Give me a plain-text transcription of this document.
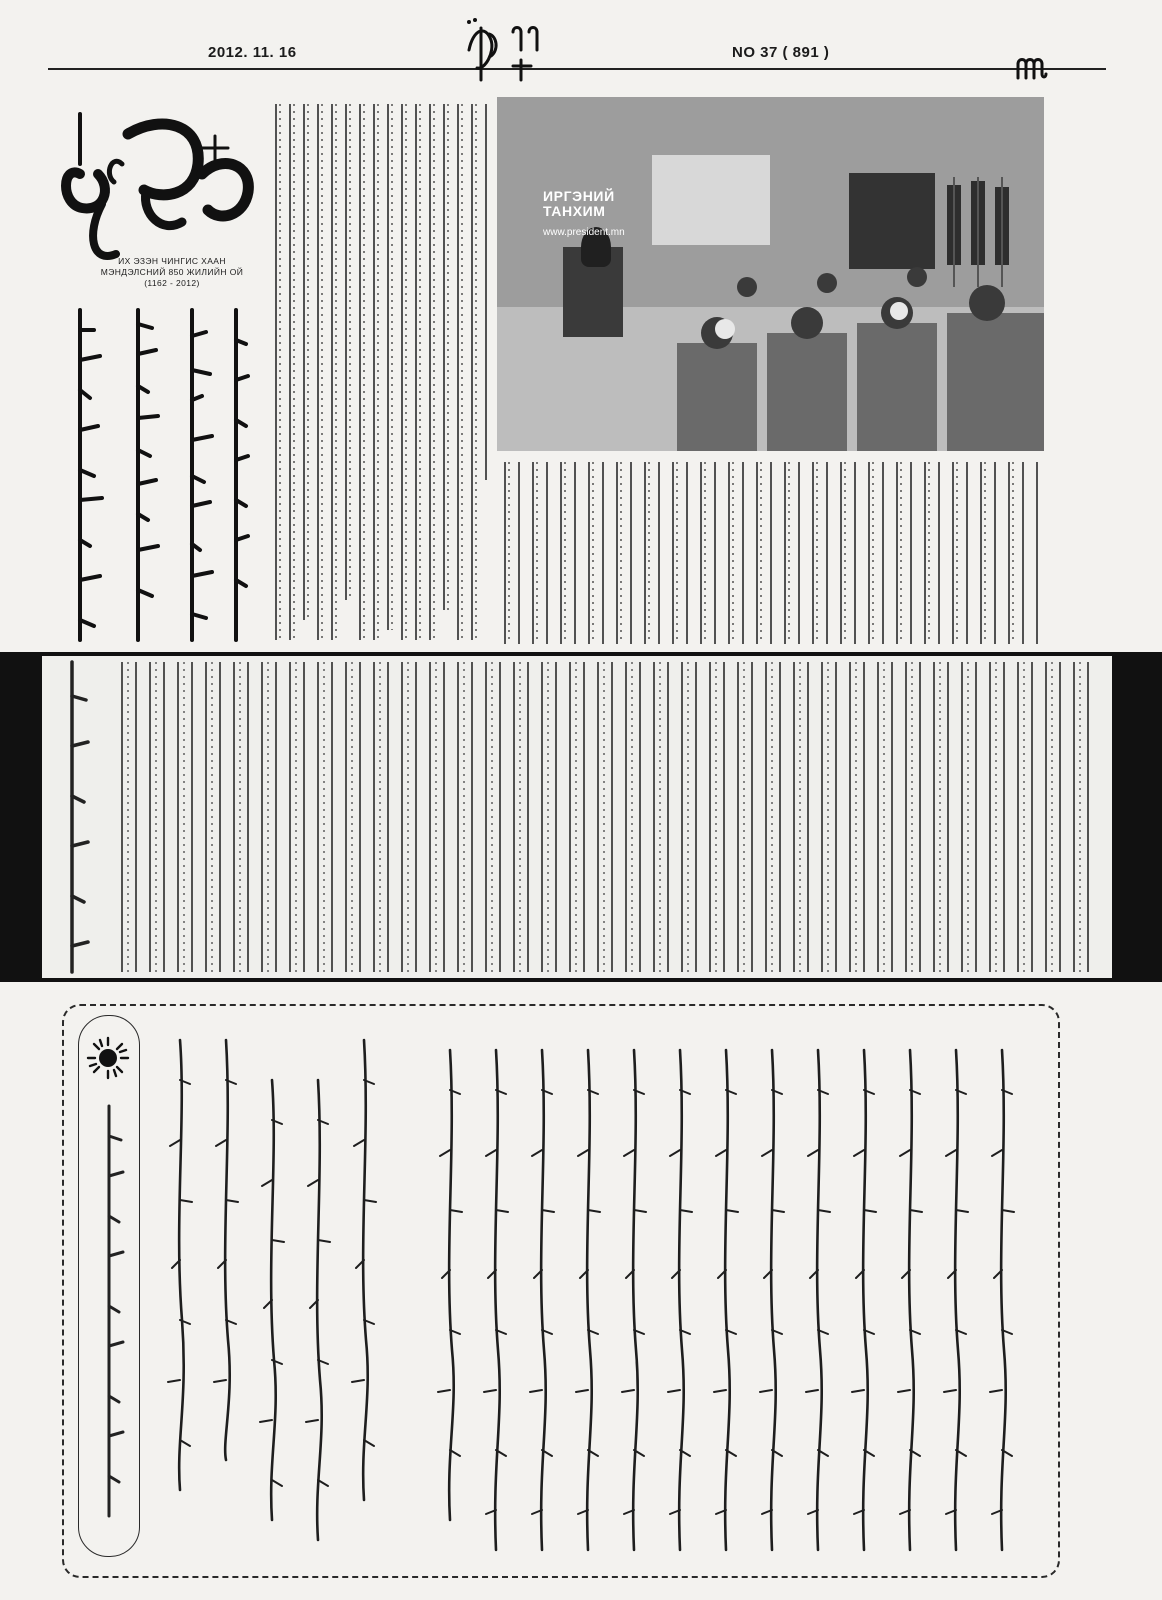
2012. 11. 16	NO 37 ( 891 )
ИХ ЭЗЭН ЧИНГИС ХААН
МЭНДЭЛСНИЙ 850 ЖИЛИЙН ОЙ
(1162 - 2012)
ИРГЭНИЙ
ТАНХИМ
www.president.mn
